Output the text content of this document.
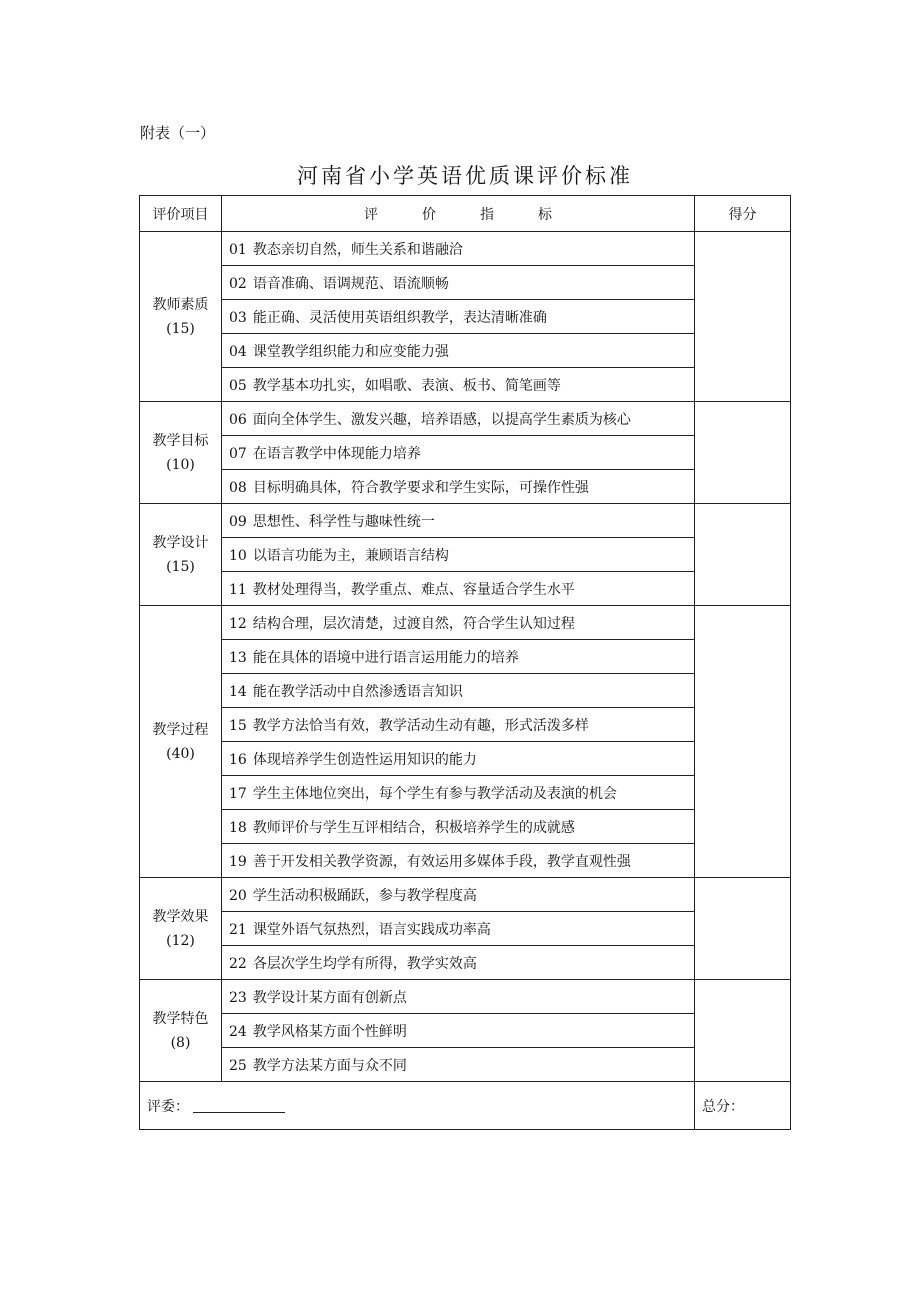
附表（一）
河南省小学英语优质课评价标准
评价项目	评 价 指 标	得分

教师素质
(15)	01 教态亲切自然，师生关系和谐融洽	
	02 语音准确、语调规范、语流顺畅	
	03 能正确、灵活使用英语组织教学，表达清晰准确	
	04 课堂教学组织能力和应变能力强	
	05 教学基本功扎实，如唱歌、表演、板书、简笔画等	

教学目标
(10)	06 面向全体学生、激发兴趣，培养语感，以提高学生素质为核心	
	07 在语言教学中体现能力培养	
	08 目标明确具体，符合教学要求和学生实际，可操作性强	

教学设计
(15)	09 思想性、科学性与趣味性统一	
	10 以语言功能为主，兼顾语言结构	
	11 教材处理得当，教学重点、难点、容量适合学生水平	

教学过程
(40)	12 结构合理，层次清楚，过渡自然，符合学生认知过程	
	13 能在具体的语境中进行语言运用能力的培养	
	14 能在教学活动中自然渗透语言知识	
	15 教学方法恰当有效，教学活动生动有趣，形式活泼多样	
	16 体现培养学生创造性运用知识的能力	
	17 学生主体地位突出，每个学生有参与教学活动及表演的机会	
	18 教师评价与学生互评相结合，积极培养学生的成就感	
	19 善于开发相关教学资源，有效运用多媒体手段，教学直观性强	

教学效果
(12)	20 学生活动积极踊跃，参与教学程度高	
	21 课堂外语气氛热烈，语言实践成功率高	
	22 各层次学生均学有所得，教学实效高	

教学特色
(8)	23 教学设计某方面有创新点	
	24 教学风格某方面个性鲜明	
	25 教学方法某方面与众不同	
评委：		总分：
